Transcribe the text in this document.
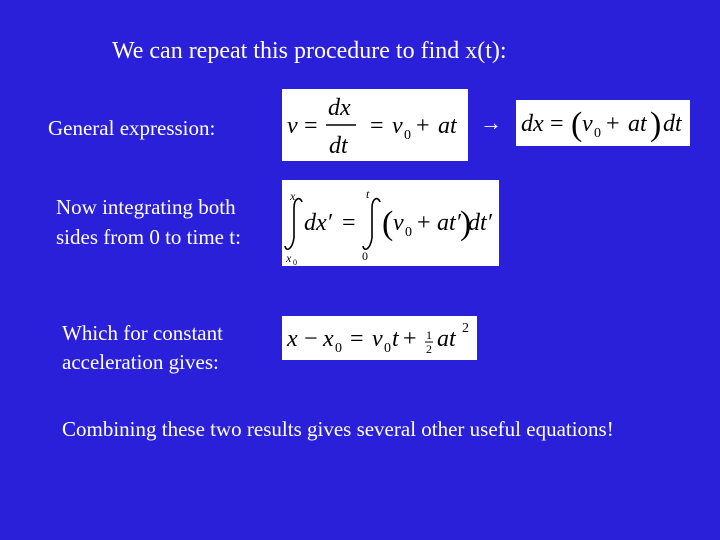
We can repeat this procedure to find x(t):
General expression:	v =
dx
dt
= v 0 + at → dx = ( v 0 + at ) dt
Now integrating both
sides from 0 to time t:
x
x 0
dx′ =
t
0
( v 0 + at′ )
dt′
Which for constant
acceleration gives:
x − x 0 = v 0 t + 1
2 at 2
Combining these two results gives several other useful equations!
